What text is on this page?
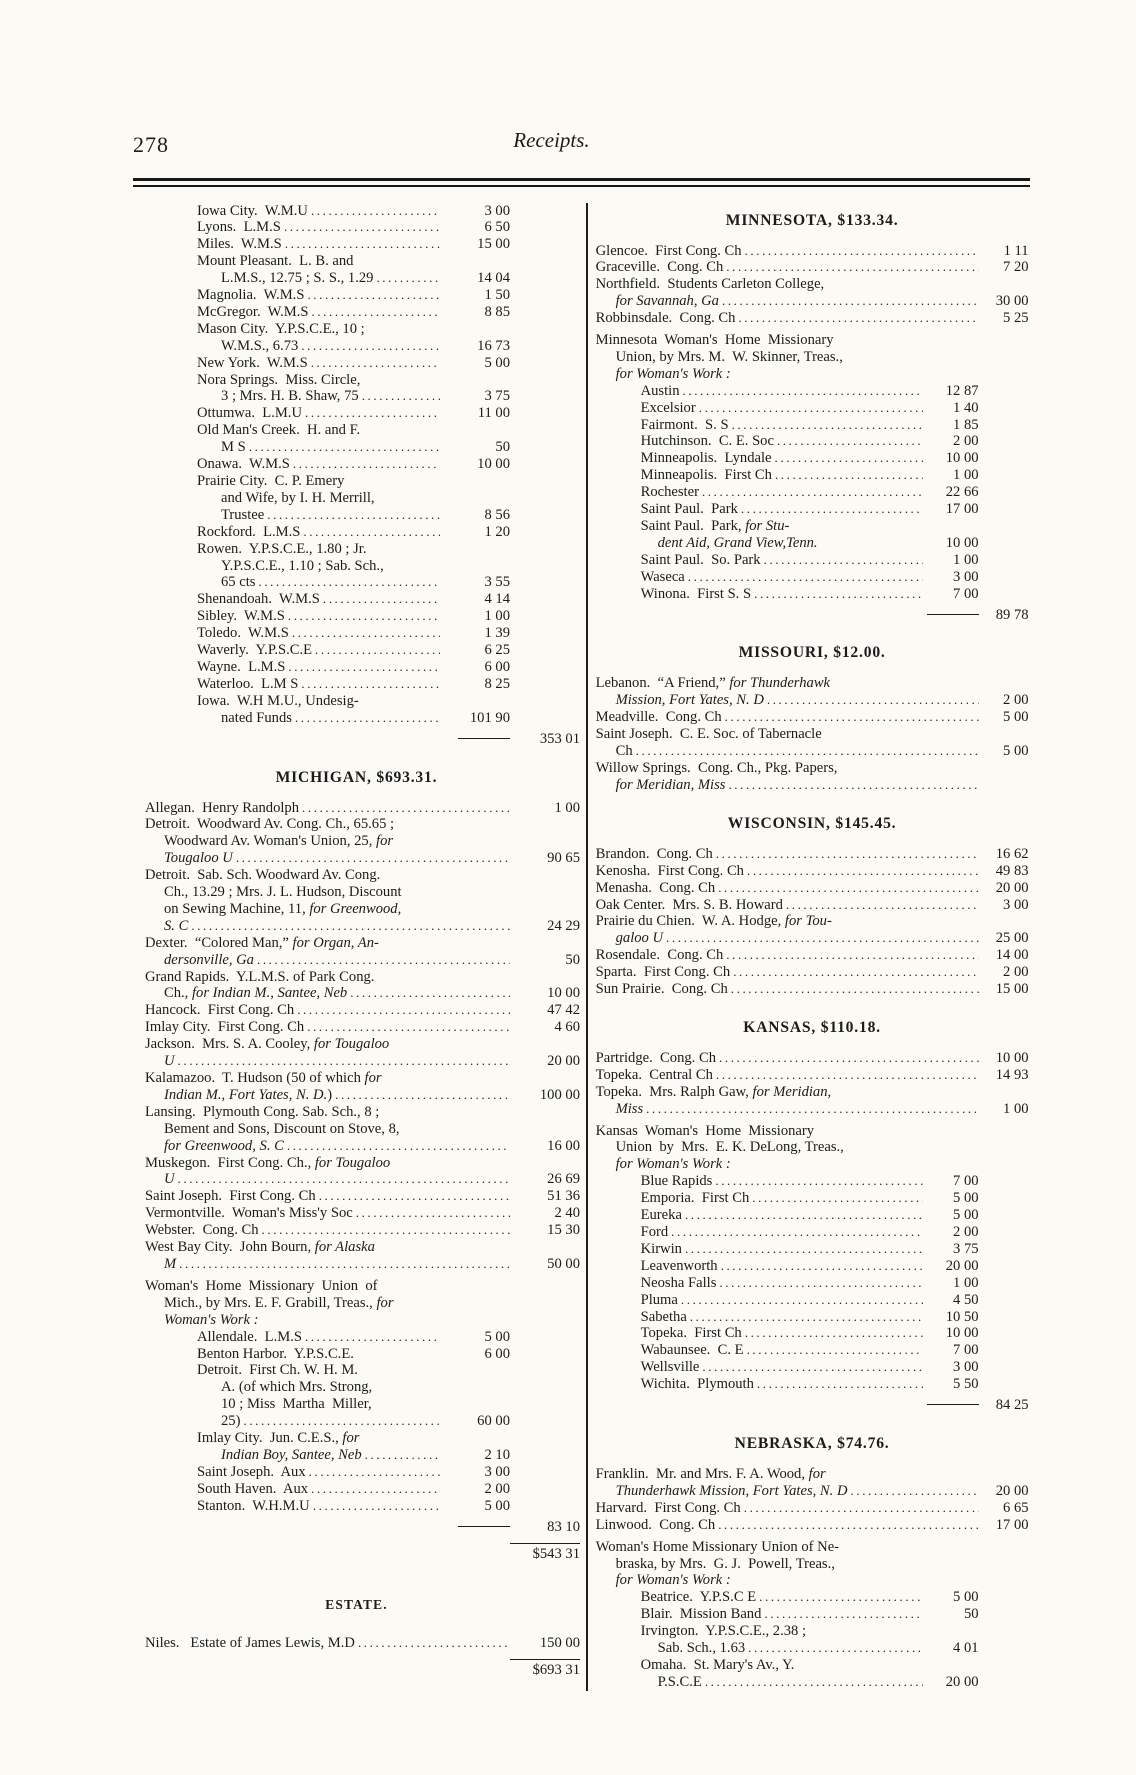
278	Receipts.
Iowa City.  W.M.U .....	3 00
Lyons.  L.M.S .....	6 50
Miles.  W.M.S .....	15 00
Mount Pleasant.  L. B. and
L.M.S., 12.75 ; S. S., 1.29 .....	14 04
Magnolia.  W.M.S .....	1 50
McGregor.  W.M.S .....	8 85
Mason City.  Y.P.S.C.E., 10 ;
W.M.S., 6.73 .....	16 73
New York.  W.M.S .....	5 00
Nora Springs.  Miss. Circle,
3 ; Mrs. H. B. Shaw, 75 .....	3 75
Ottumwa.  L.M.U .....	11 00
Old Man's Creek.  H. and F.
M S .....	50
Onawa.  W.M.S .....	10 00
Prairie City.  C. P. Emery
and Wife, by I. H. Merrill,
Trustee .....	8 56
Rockford.  L.M.S .....	1 20
Rowen.  Y.P.S.C.E., 1.80 ; Jr.
Y.P.S.C.E., 1.10 ; Sab. Sch.,
65 cts .....	3 55
Shenandoah.  W.M.S .....	4 14
Sibley.  W.M.S .....	1 00
Toledo.  W.M.S .....	1 39
Waverly.  Y.P.S.C.E .....	6 25
Wayne.  L.M.S .....	6 00
Waterloo.  L.M S .....	8 25
Iowa.  W.H M.U., Undesig-
nated Funds .....	101 90
353 01
MICHIGAN, $693.31.
Allegan.  Henry Randolph .....	1 00
Detroit.  Woodward Av. Cong. Ch., 65.65 ;
Woodward Av. Woman's Union, 25, for
Tougaloo U .....	90 65
Detroit.  Sab. Sch. Woodward Av. Cong.
Ch., 13.29 ; Mrs. J. L. Hudson, Discount
on Sewing Machine, 11, for Greenwood,
S. C .....	24 29
Dexter.  “Colored Man,” for Organ, An-
dersonville, Ga .....	50
Grand Rapids.  Y.L.M.S. of Park Cong.
Ch., for Indian M., Santee, Neb .....	10 00
Hancock.  First Cong. Ch .....	47 42
Imlay City.  First Cong. Ch .....	4 60
Jackson.  Mrs. S. A. Cooley, for Tougaloo
U .....	20 00
Kalamazoo.  T. Hudson (50 of which for
Indian M., Fort Yates, N. D.) .....	100 00
Lansing.  Plymouth Cong. Sab. Sch., 8 ;
Bement and Sons, Discount on Stove, 8,
for Greenwood, S. C .....	16 00
Muskegon.  First Cong. Ch., for Tougaloo
U .....	26 69
Saint Joseph.  First Cong. Ch .....	51 36
Vermontville.  Woman's Miss'y Soc .....	2 40
Webster.  Cong. Ch .....	15 30
West Bay City.  John Bourn, for Alaska
M .....	50 00
Woman's  Home  Missionary  Union  of
Mich., by Mrs. E. F. Grabill, Treas., for
Woman's Work :
Allendale.  L.M.S .....	5 00
Benton Harbor.  Y.P.S.C.E.	6 00
Detroit.  First Ch. W. H. M.
A. (of which Mrs. Strong,
10 ; Miss  Martha  Miller,
25) .....	60 00
Imlay City.  Jun. C.E.S., for
Indian Boy, Santee, Neb .....	2 10
Saint Joseph.  Aux .....	3 00
South Haven.  Aux .....	2 00
Stanton.  W.H.M.U .....	5 00
83 10
$543 31
ESTATE.
Niles.   Estate of James Lewis, M.D .....	150 00
$693 31
MINNESOTA, $133.34.
Glencoe.  First Cong. Ch .....	1 11
Graceville.  Cong. Ch .....	7 20
Northfield.  Students Carleton College,
for Savannah, Ga .....	30 00
Robbinsdale.  Cong. Ch .....	5 25
Minnesota  Woman's  Home  Missionary
Union, by Mrs. M.  W. Skinner, Treas.,
for Woman's Work :
Austin .....	12 87
Excelsior .....	1 40
Fairmont.  S. S .....	1 85
Hutchinson.  C. E. Soc .....	2 00
Minneapolis.  Lyndale .....	10 00
Minneapolis.  First Ch .....	1 00
Rochester .....	22 66
Saint Paul.  Park .....	17 00
Saint Paul.  Park, for Stu-
dent Aid, Grand View,Tenn.	10 00
Saint Paul.  So. Park .....	1 00
Waseca .....	3 00
Winona.  First S. S .....	7 00
89 78
MISSOURI, $12.00.
Lebanon.  “A Friend,” for Thunderhawk
Mission, Fort Yates, N. D .....	2 00
Meadville.  Cong. Ch .....	5 00
Saint Joseph.  C. E. Soc. of Tabernacle
Ch .....	5 00
Willow Springs.  Cong. Ch., Pkg. Papers,
for Meridian, Miss
.....
WISCONSIN, $145.45.
Brandon.  Cong. Ch .....	16 62
Kenosha.  First Cong. Ch .....	49 83
Menasha.  Cong. Ch .....	20 00
Oak Center.  Mrs. S. B. Howard .....	3 00
Prairie du Chien.  W. A. Hodge, for Tou-
galoo U .....	25 00
Rosendale.  Cong. Ch .....	14 00
Sparta.  First Cong. Ch .....	2 00
Sun Prairie.  Cong. Ch .....	15 00
KANSAS, $110.18.
Partridge.  Cong. Ch .....	10 00
Topeka.  Central Ch .....	14 93
Topeka.  Mrs. Ralph Gaw, for Meridian,
Miss .....	1 00
Kansas  Woman's  Home  Missionary
Union  by  Mrs.  E. K. DeLong, Treas.,
for Woman's Work :
Blue Rapids .....	7 00
Emporia.  First Ch .....	5 00
Eureka .....	5 00
Ford .....	2 00
Kirwin .....	3 75
Leavenworth .....	20 00
Neosha Falls .....	1 00
Pluma .....	4 50
Sabetha .....	10 50
Topeka.  First Ch .....	10 00
Wabaunsee.  C. E .....	7 00
Wellsville .....	3 00
Wichita.  Plymouth .....	5 50
84 25
NEBRASKA, $74.76.
Franklin.  Mr. and Mrs. F. A. Wood, for
Thunderhawk Mission, Fort Yates, N. D .....	20 00
Harvard.  First Cong. Ch .....	6 65
Linwood.  Cong. Ch .....	17 00
Woman's Home Missionary Union of Ne-
braska, by Mrs.  G. J.  Powell, Treas.,
for Woman's Work :
Beatrice.  Y.P.S.C E .....	5 00
Blair.  Mission Band .....	50
Irvington.  Y.P.S.C.E., 2.38 ;
Sab. Sch., 1.63 .....	4 01
Omaha.  St. Mary's Av., Y.
P.S.C.E .....	20 00
